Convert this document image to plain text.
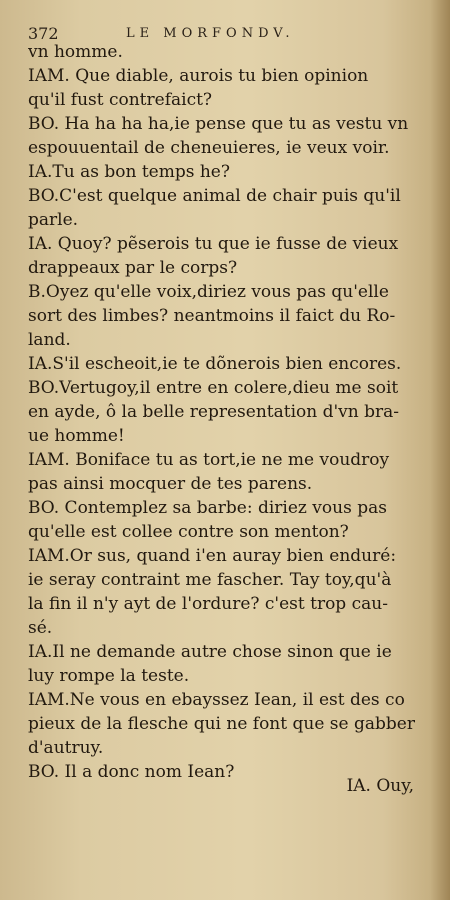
372	LE MORFONDV.
vn homme.
IAM. Que diable, aurois tu bien opinion
qu'il fust contrefaict?
BO. Ha ha ha ha,ie pense que tu as vestu vn
espouuentail de cheneuieres, ie veux voir.
IA.Tu as bon temps he?
BO.C'est quelque animal de chair puis qu'il
parle.
IA. Quoy? pẽserois tu que ie fusse de vieux
drappeaux par le corps?
B.Oyez qu'elle voix,diriez vous pas qu'elle
sort des limbes? neantmoins il faict du Ro-
land.
IA.S'il escheoit,ie te dõnerois bien encores.
BO.Vertugoy,il entre en colere,dieu me soit
en ayde, ô la belle representation d'vn bra-
ue homme!
IAM. Boniface tu as tort,ie ne me voudroy
pas ainsi mocquer de tes parens.
BO. Contemplez sa barbe: diriez vous pas
qu'elle est collee contre son menton?
IAM.Or sus, quand i'en auray bien enduré:
ie seray contraint me fascher. Tay toy,qu'à
la fin il n'y ayt de l'ordure? c'est trop cau-
sé.
IA.Il ne demande autre chose sinon que ie
luy rompe la teste.
IAM.Ne vous en ebayssez Iean, il est des co
pieux de la flesche qui ne font que se gabber
d'autruy.
BO. Il a donc nom Iean?
IA. Ouy,
